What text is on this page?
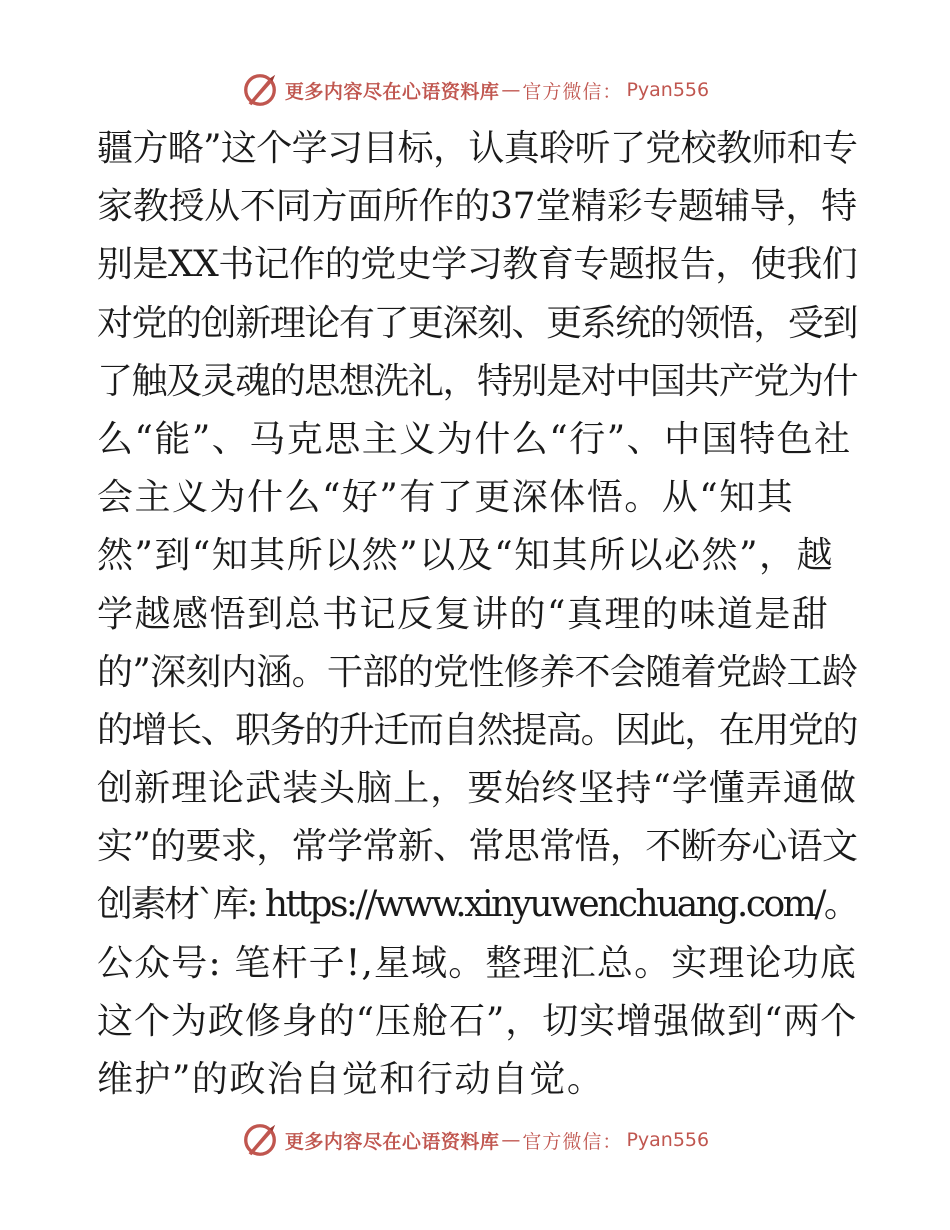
更多内容尽在心语资料库 — 官方微信： Pyan556
疆方略”这个学习目标，认真聆听了党校教师和专
家教授从不同方面所作的37堂精彩专题辅导，特
别是XX书记作的党史学习教育专题报告，使我们
对党的创新理论有了更深刻、更系统的领悟，受到
了触及灵魂的思想洗礼，特别是对中国共产党为什
么“能”、马克思主义为什么“行”、中国特色社
会主义为什么“好”有了更深体悟。从“知其
然”到“知其所以然”以及“知其所以必然”，越
学越感悟到总书记反复讲的“真理的味道是甜
的”深刻内涵。干部的党性修养不会随着党龄工龄
的增长、职务的升迁而自然提高。因此，在用党的
创新理论武装头脑上，要始终坚持“学懂弄通做
实”的要求，常学常新、常思常悟，不断夯心语文
创素材`库: https://www.xinyuwenchuang.com/。
公众号: 笔杆子!,星域。整理汇总。实理论功底
这个为政修身的“压舱石”，切实增强做到“两个
维护”的政治自觉和行动自觉。
更多内容尽在心语资料库 — 官方微信： Pyan556
